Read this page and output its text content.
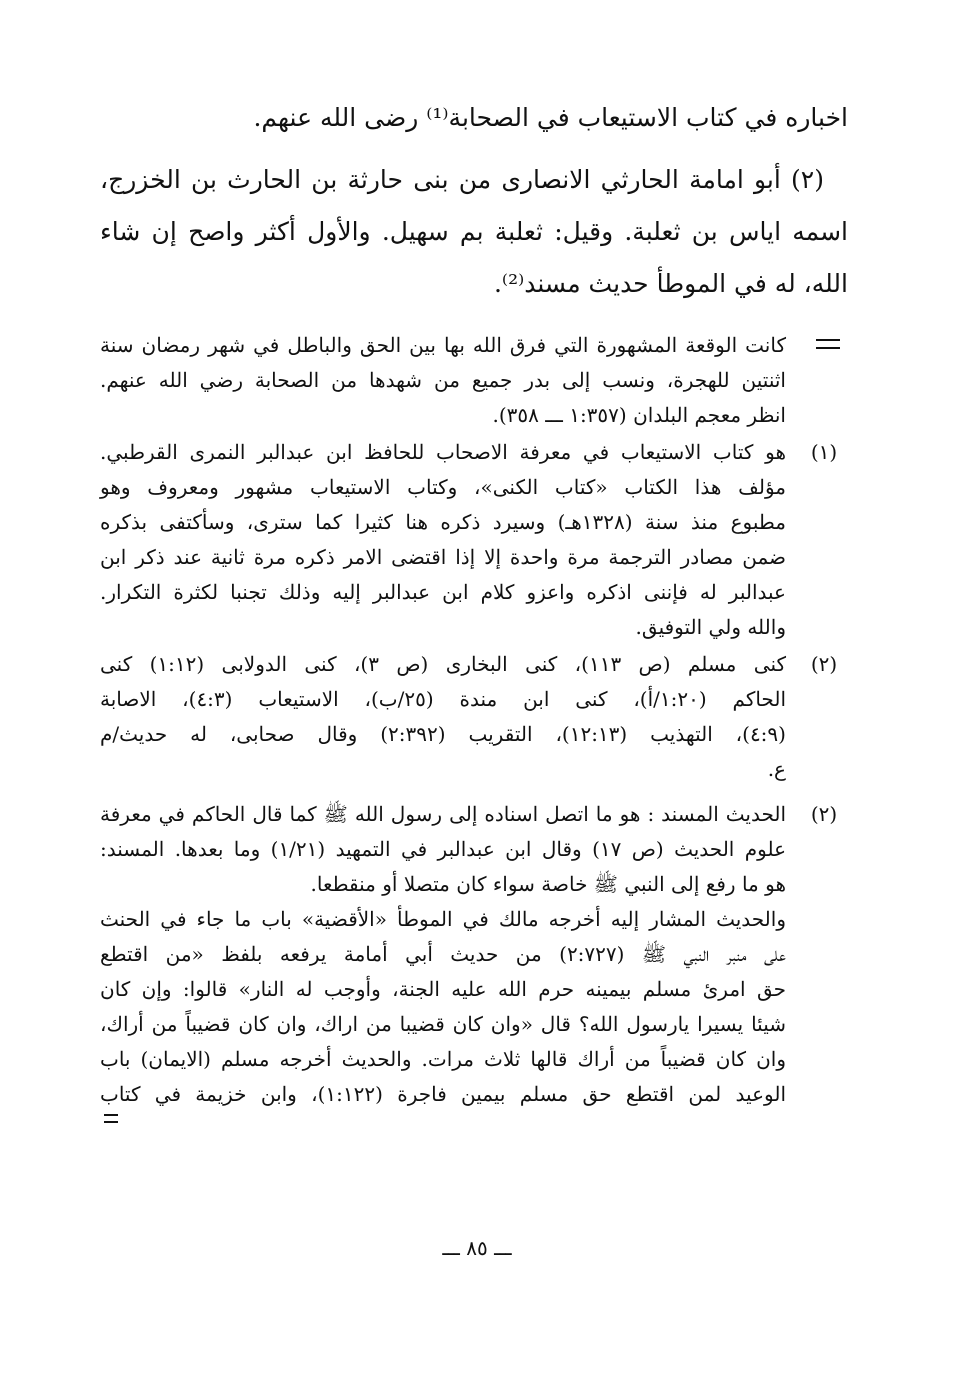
اخباره في كتاب الاستيعاب في الصحابة⁽¹⁾ رضى الله عنهم.

(٢) أبو امامة الحارثي الانصارى من بنى حارثة بن الحارث بن الخزرج، اسمه اياس بن ثعلبة. وقيل: ثعلبة بم سهيل. والأول أكثر واصح إن شاء الله، له في الموطأ حديث مسند⁽²⁾.

كانت الوقعة المشهورة التي فرق الله بها بين الحق والباطل في شهر رمضان سنة
اثنتين للهجرة، ونسب إلى بدر جميع من شهدها من الصحابة رضي الله عنهم.
انظر معجم البلدان (١:٣٥٧ ـــ ٣٥٨).
(١)
هو كتاب الاستيعاب في معرفة الاصحاب للحافظ ابن عبدالبر النمرى القرطبي.
مؤلف هذا الكتاب «كتاب الكنى»، وكتاب الاستيعاب مشهور ومعروف وهو
مطبوع منذ سنة (١٣٢٨هـ) وسيرد ذكره هنا كثيرا كما سترى، وسأكتفى بذكره
ضمن مصادر الترجمة مرة واحدة إلا إذا اقتضى الامر ذكره مرة ثانية عند ذكر ابن
عبدالبر له فإننى اذكره واعزو كلام ابن عبدالبر إليه وذلك تجنبا لكثرة التكرار.
والله ولي التوفيق.
(٢)
كنى مسلم (ص ١١٣)، كنى البخارى (ص ٣)، كنى الدولابى (١:١٢) كنى
الحاكم (١:٢٠/أ)، كنى ابن مندة (٢٥/ب)، الاستيعاب (٤:٣)، الاصابة
(٤:٩)، التهذيب (١٢:١٣)، التقريب (٢:٣٩٢) وقال صحابى، له حديث/م
ع.
(٢)
الحديث المسند : هو ما اتصل اسناده إلى رسول الله ﷺ كما قال الحاكم في معرفة
علوم الحديث (ص ١٧) وقال ابن عبدالبر في التمهيد (١/٢١) وما بعدها. المسند:
هو ما رفع إلى النبي ﷺ خاصة سواء كان متصلا أو منقطعا.
والحديث المشار إليه أخرجه مالك في الموطأ «الأقضية» باب ما جاء في الحنث
على منبر النبي ﷺ (٢:٧٢٧) من حديث أبي أمامة يرفعه بلفظ «من اقتطع
حق امرئ مسلم بيمينه حرم الله عليه الجنة، وأوجب له النار» قالوا: وإن كان
شيئا يسيرا يارسول الله؟ قال «وان كان قضيبا من اراك، وان كان قضيباً من أراك،
وان كان قضيباً من أراك قالها ثلاث مرات. والحديث أخرجه مسلم (الايمان) باب
الوعيد لمن اقتطع حق مسلم بيمين فاجرة (١:١٢٢)، وابن خزيمة في كتاب
ـــ ٨٥ ـــ
